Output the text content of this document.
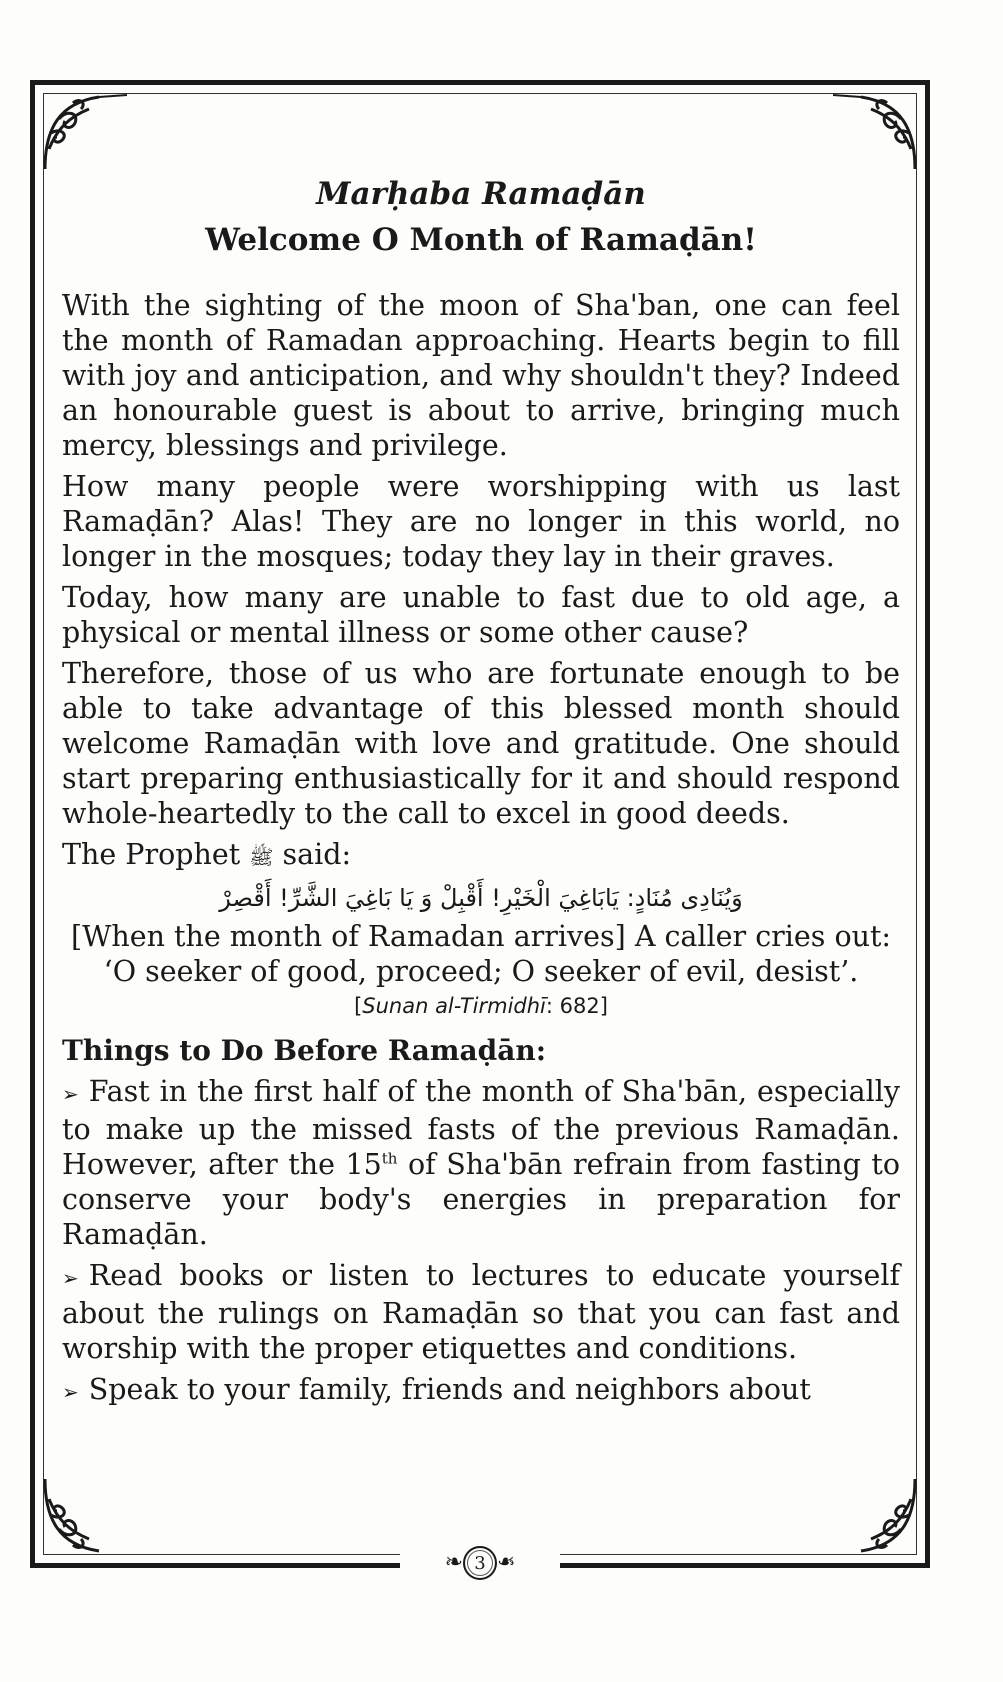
❧ 3 ❧
Marḥaba Ramaḍān
Welcome O Month of Ramaḍān!

With the sighting of the moon of Sha'ban, one can feel the month of Ramadan approaching. Hearts begin to fill with joy and anticipation, and why shouldn't they? Indeed an honourable guest is about to arrive, bringing much mercy, blessings and privilege.

How many people were worshipping with us last Ramaḍān? Alas! They are no longer in this world, no longer in the mosques; today they lay in their graves.

Today, how many are unable to fast due to old age, a physical or mental illness or some other cause?

Therefore, those of us who are fortunate enough to be able to take advantage of this blessed month should welcome Ramaḍān with love and gratitude. One should start preparing enthusiastically for it and should respond whole-heartedly to the call to excel in good deeds.

The Prophet ﷺ said:

وَيُنَادِى مُنَادٍ: يَابَاغِيَ الْخَيْرِ! أَقْبِلْ وَ يَا بَاغِيَ الشَّرِّ! أَقْصِرْ

[When the month of Ramadan arrives] A caller cries out:

‘O seeker of good, proceed; O seeker of evil, desist’.

[Sunan al-Tirmidhī: 682]
Things to Do Before Ramaḍān:

➢ Fast in the first half of the month of Sha'bān, especially to make up the missed fasts of the previous Ramaḍān. However, after the 15th of Sha'bān refrain from fasting to conserve your body's energies in preparation for Ramaḍān.

➢ Read books or listen to lectures to educate yourself about the rulings on Ramaḍān so that you can fast and worship with the proper etiquettes and conditions.

➢ Speak to your family, friends and neighbors about
